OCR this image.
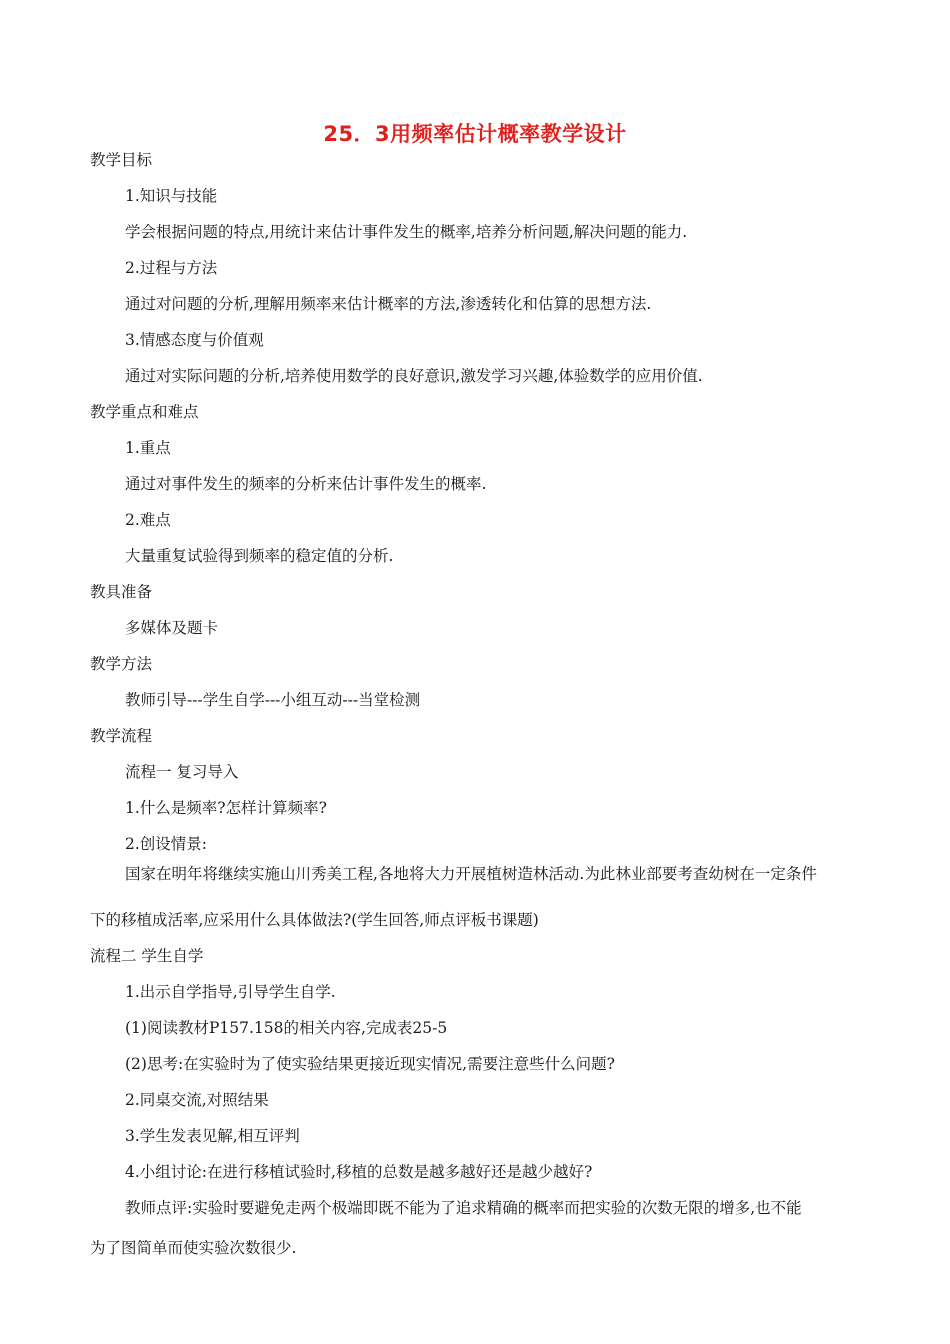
25．3用频率估计概率教学设计
教学目标
1.知识与技能
学会根据问题的特点,用统计来估计事件发生的概率,培养分析问题,解决问题的能力.
2.过程与方法
通过对问题的分析,理解用频率来估计概率的方法,渗透转化和估算的思想方法.
3.情感态度与价值观
通过对实际问题的分析,培养使用数学的良好意识,激发学习兴趣,体验数学的应用价值.
教学重点和难点
1.重点
通过对事件发生的频率的分析来估计事件发生的概率.
2.难点
大量重复试验得到频率的稳定值的分析.
教具准备
多媒体及题卡
教学方法
教师引导---学生自学---小组互动---当堂检测
教学流程
流程一 复习导入
1.什么是频率?怎样计算频率?
2.创设情景:
国家在明年将继续实施山川秀美工程,各地将大力开展植树造林活动.为此林业部要考查幼树在一定条件
下的移植成活率,应采用什么具体做法?(学生回答,师点评板书课题)
流程二 学生自学
1.出示自学指导,引导学生自学.
(1)阅读教材P157.158的相关内容,完成表25-5
(2)思考:在实验时为了使实验结果更接近现实情况,需要注意些什么问题?
2.同桌交流,对照结果
3.学生发表见解,相互评判
4.小组讨论:在进行移植试验时,移植的总数是越多越好还是越少越好?
教师点评:实验时要避免走两个极端即既不能为了追求精确的概率而把实验的次数无限的增多,也不能
为了图简单而使实验次数很少.
